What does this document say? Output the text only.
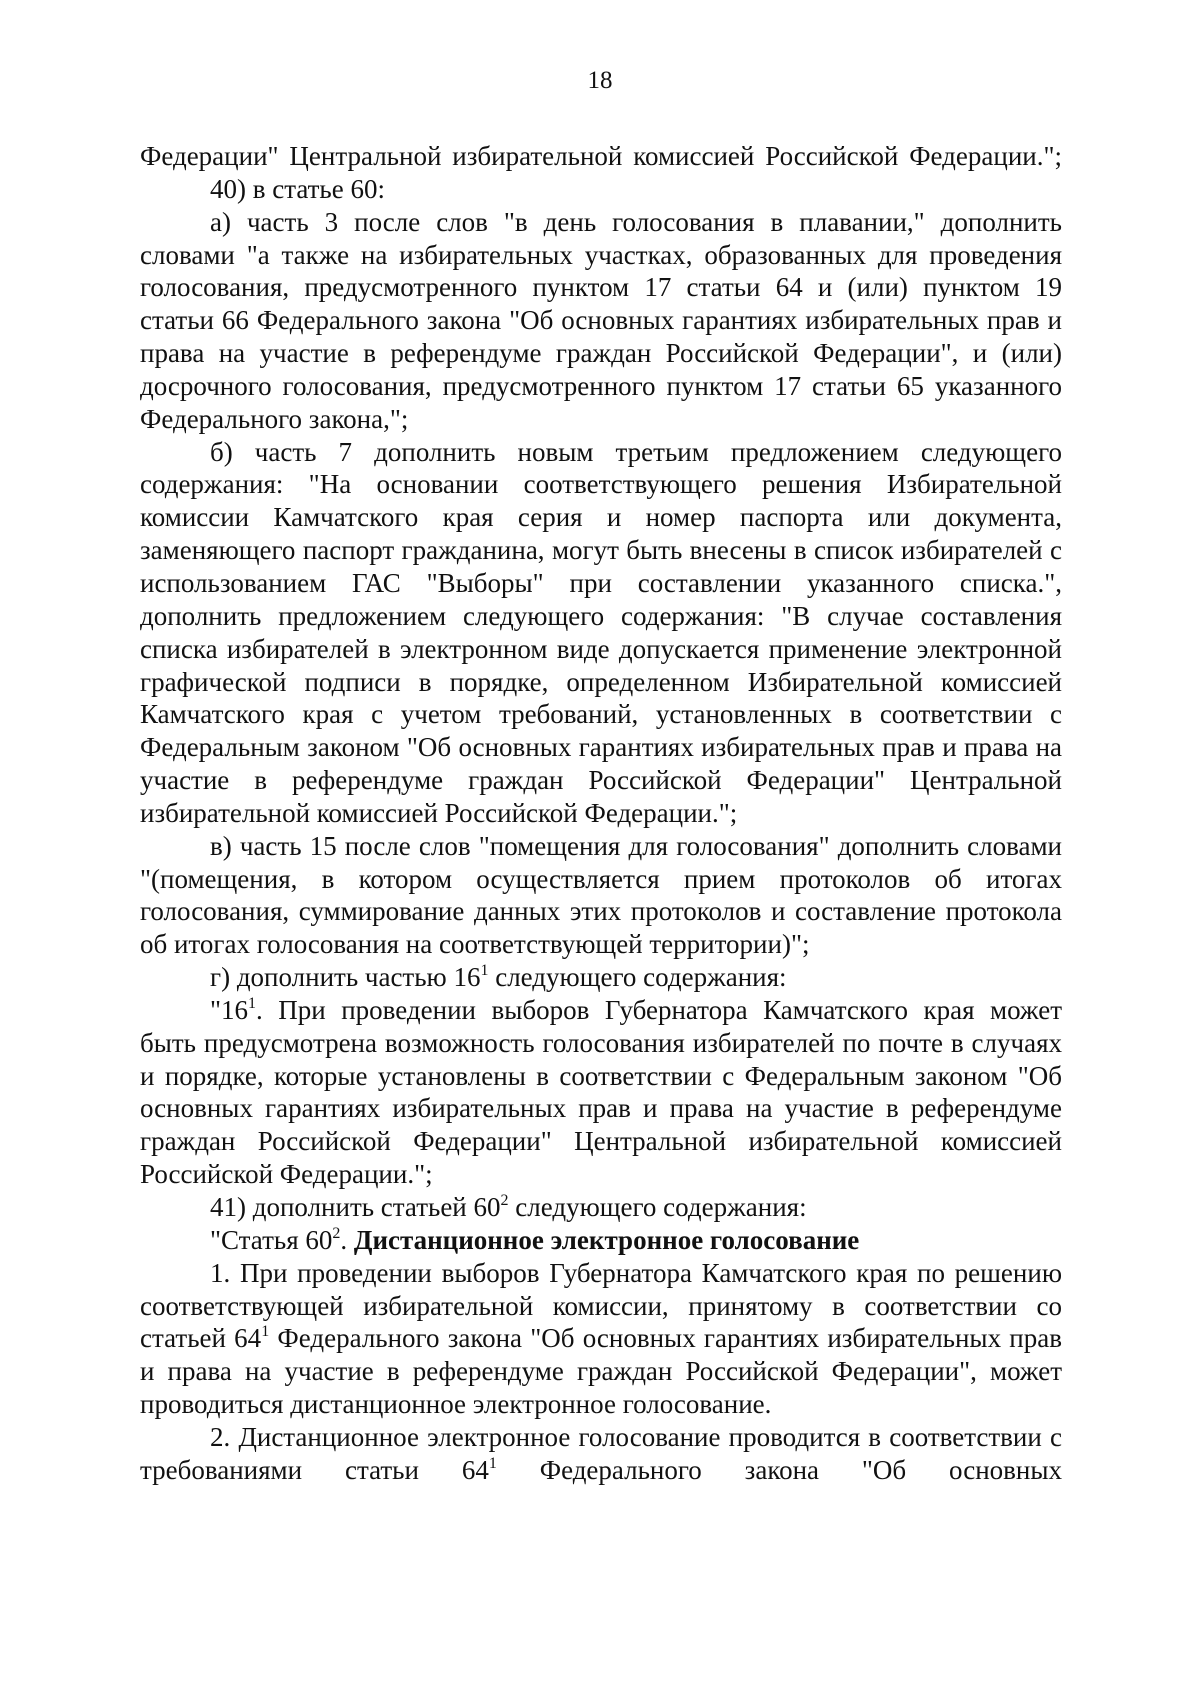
18

Федерации" Центральной избирательной комиссией Российской Федерации.";

40) в статье 60:

а) часть 3 после слов "в день голосования в плавании," дополнить словами "а также на избирательных участках, образованных для проведения голосования, предусмотренного пунктом 17 статьи 64 и (или) пунктом 19 статьи 66 Федерального закона "Об основных гарантиях избирательных прав и права на участие в референдуме граждан Российской Федерации", и (или) досрочного голосования, предусмотренного пунктом 17 статьи 65 указанного Федерального закона,";

б) часть 7 дополнить новым третьим предложением следующего содержания: "На основании соответствующего решения Избирательной комиссии Камчатского края серия и номер паспорта или документа, заменяющего паспорт гражданина, могут быть внесены в список избирателей с использованием ГАС "Выборы" при составлении указанного списка.", дополнить предложением следующего содержания: "В случае составления списка избирателей в электронном виде допускается применение электронной графической подписи в порядке, определенном Избирательной комиссией Камчатского края с учетом требований, установленных в соответствии с Федеральным законом "Об основных гарантиях избирательных прав и права на участие в референдуме граждан Российской Федерации" Центральной избирательной комиссией Российской Федерации.";

в) часть 15 после слов "помещения для голосования" дополнить словами "(помещения, в котором осуществляется прием протоколов об итогах голосования, суммирование данных этих протоколов и составление протокола об итогах голосования на соответствующей территории)";

г) дополнить частью $16^1$ следующего содержания:

"$16^1$. При проведении выборов Губернатора Камчатского края может быть предусмотрена возможность голосования избирателей по почте в случаях и порядке, которые установлены в соответствии с Федеральным законом "Об основных гарантиях избирательных прав и права на участие в референдуме граждан Российской Федерации" Центральной избирательной комиссией Российской Федерации.";

41) дополнить статьей $60^2$ следующего содержания:

"Статья $60^2$. Дистанционное электронное голосование

1. При проведении выборов Губернатора Камчатского края по решению соответствующей избирательной комиссии, принятому в соответствии со статьей $64^1$ Федерального закона "Об основных гарантиях избирательных прав и права на участие в референдуме граждан Российской Федерации", может проводиться дистанционное электронное голосование.

2. Дистанционное электронное голосование проводится в соответствии с требованиями статьи $64^1$ Федерального закона "Об основных
